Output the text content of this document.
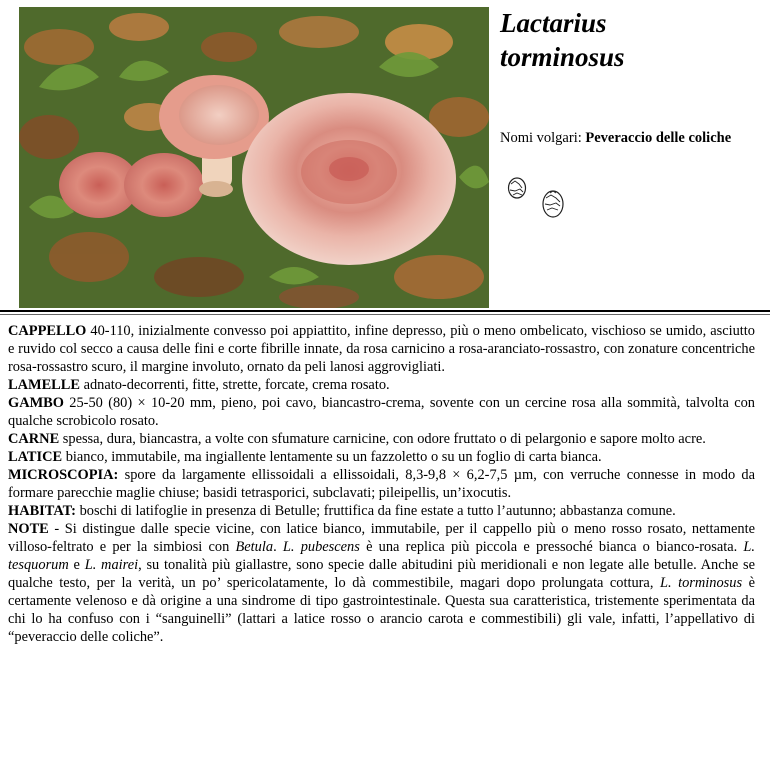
Lactarius
torminosus
Nomi volgari: Peveraccio delle coliche

CAPPELLO 40-110, inizialmente convesso poi appiattito, infine depresso, più o meno ombelicato, vischioso se umido, asciutto e ruvido col secco a causa delle fini e corte fibrille innate, da rosa carnicino a rosa-aranciato-rossastro, con zonature concentriche rosa-rossastro scuro, il margine involuto, ornato da peli lanosi aggrovigliati.

LAMELLE adnato-decorrenti, fitte, strette, forcate, crema rosato.

GAMBO 25-50 (80) × 10-20 mm, pieno, poi cavo, biancastro-crema, sovente con un cercine rosa alla sommità, talvolta con qualche scrobicolo rosato.

CARNE spessa, dura, biancastra, a volte con sfumature carnicine, con odore fruttato o di pelargonio e sapore molto acre.

LATICE bianco, immutabile, ma ingiallente lentamente su un fazzoletto o su un foglio di carta bianca.

MICROSCOPIA: spore da largamente ellissoidali a ellissoidali, 8,3-9,8 × 6,2-7,5 µm, con verruche connesse in modo da formare parecchie maglie chiuse; basidi tetrasporici, subclavati; pileipellis, un’ixocutis.

HABITAT: boschi di latifoglie in presenza di Betulle; fruttifica da fine estate a tutto l’autunno; abbastanza comune.

NOTE - Si distingue dalle specie vicine, con latice bianco, immutabile, per il cappello più o meno rosso rosato, nettamente villoso-feltrato e per la simbiosi con Betula. L. pubescens è una replica più piccola e pressoché bianca o bianco-rosata. L. tesquorum e L. mairei, su tonalità più giallastre, sono specie dalle abitudini più meridionali e non legate alle betulle. Anche se qualche testo, per la verità, un po’ spericolatamente, lo dà commestibile, magari dopo prolungata cottura, L. torminosus è certamente velenoso e dà origine a una sindrome di tipo gastrointestinale. Questa sua caratteristica, tristemente sperimentata da chi lo ha confuso con i “sanguinelli” (lattari a latice rosso o arancio carota e commestibili) gli vale, infatti, l’appellativo di “peveraccio delle coliche”.
